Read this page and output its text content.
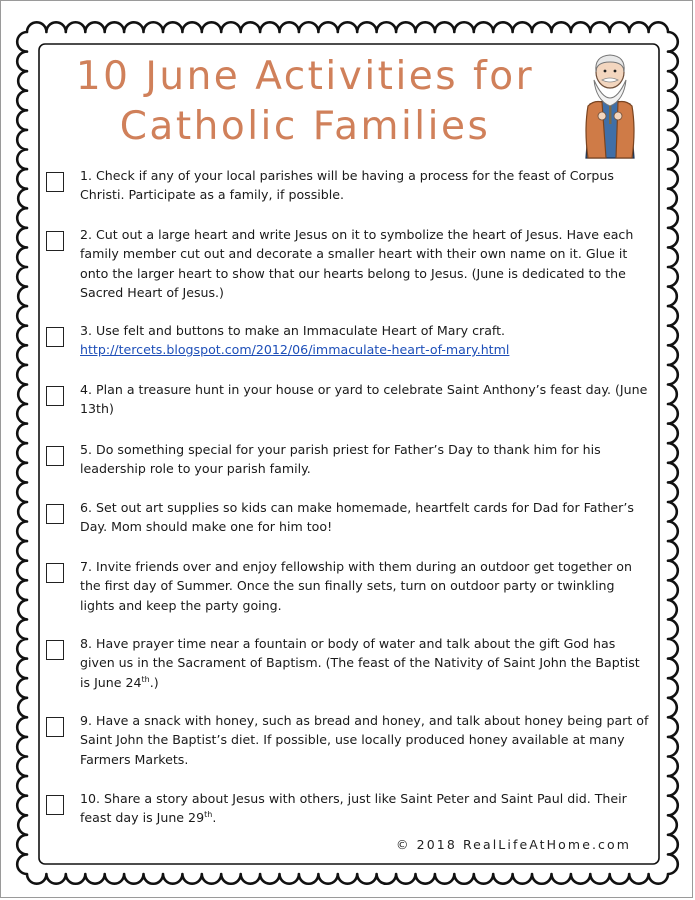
10 June Activities for
Catholic Families
1. Check if any of your local parishes will be having a process for the feast of Corpus Christi. Participate as a family, if possible.
2. Cut out a large heart and write Jesus on it to symbolize the heart of Jesus. Have each family member cut out and decorate a smaller heart with their own name on it. Glue it onto the larger heart to show that our hearts belong to Jesus. (June is dedicated to the Sacred Heart of Jesus.)
3. Use felt and buttons to make an Immaculate Heart of Mary craft.
http://tercets.blogspot.com/2012/06/immaculate-heart-of-mary.html
4. Plan a treasure hunt in your house or yard to celebrate Saint Anthony’s feast day. (June 13th)
5. Do something special for your parish priest for Father’s Day to thank him for his leadership role to your parish family.
6. Set out art supplies so kids can make homemade, heartfelt cards for Dad for Father’s Day. Mom should make one for him too!
7. Invite friends over and enjoy fellowship with them during an outdoor get together on the first day of Summer. Once the sun finally sets, turn on outdoor party or twinkling lights and keep the party going.
8. Have prayer time near a fountain or body of water and talk about the gift God has given us in the Sacrament of Baptism. (The feast of the Nativity of Saint John the Baptist is June 24th.)
9. Have a snack with honey, such as bread and honey, and talk about honey being part of Saint John the Baptist’s diet. If possible, use locally produced honey available at many Farmers Markets.
10. Share a story about Jesus with others, just like Saint Peter and Saint Paul did. Their feast day is June 29th.
© 2018 RealLifeAtHome.com
